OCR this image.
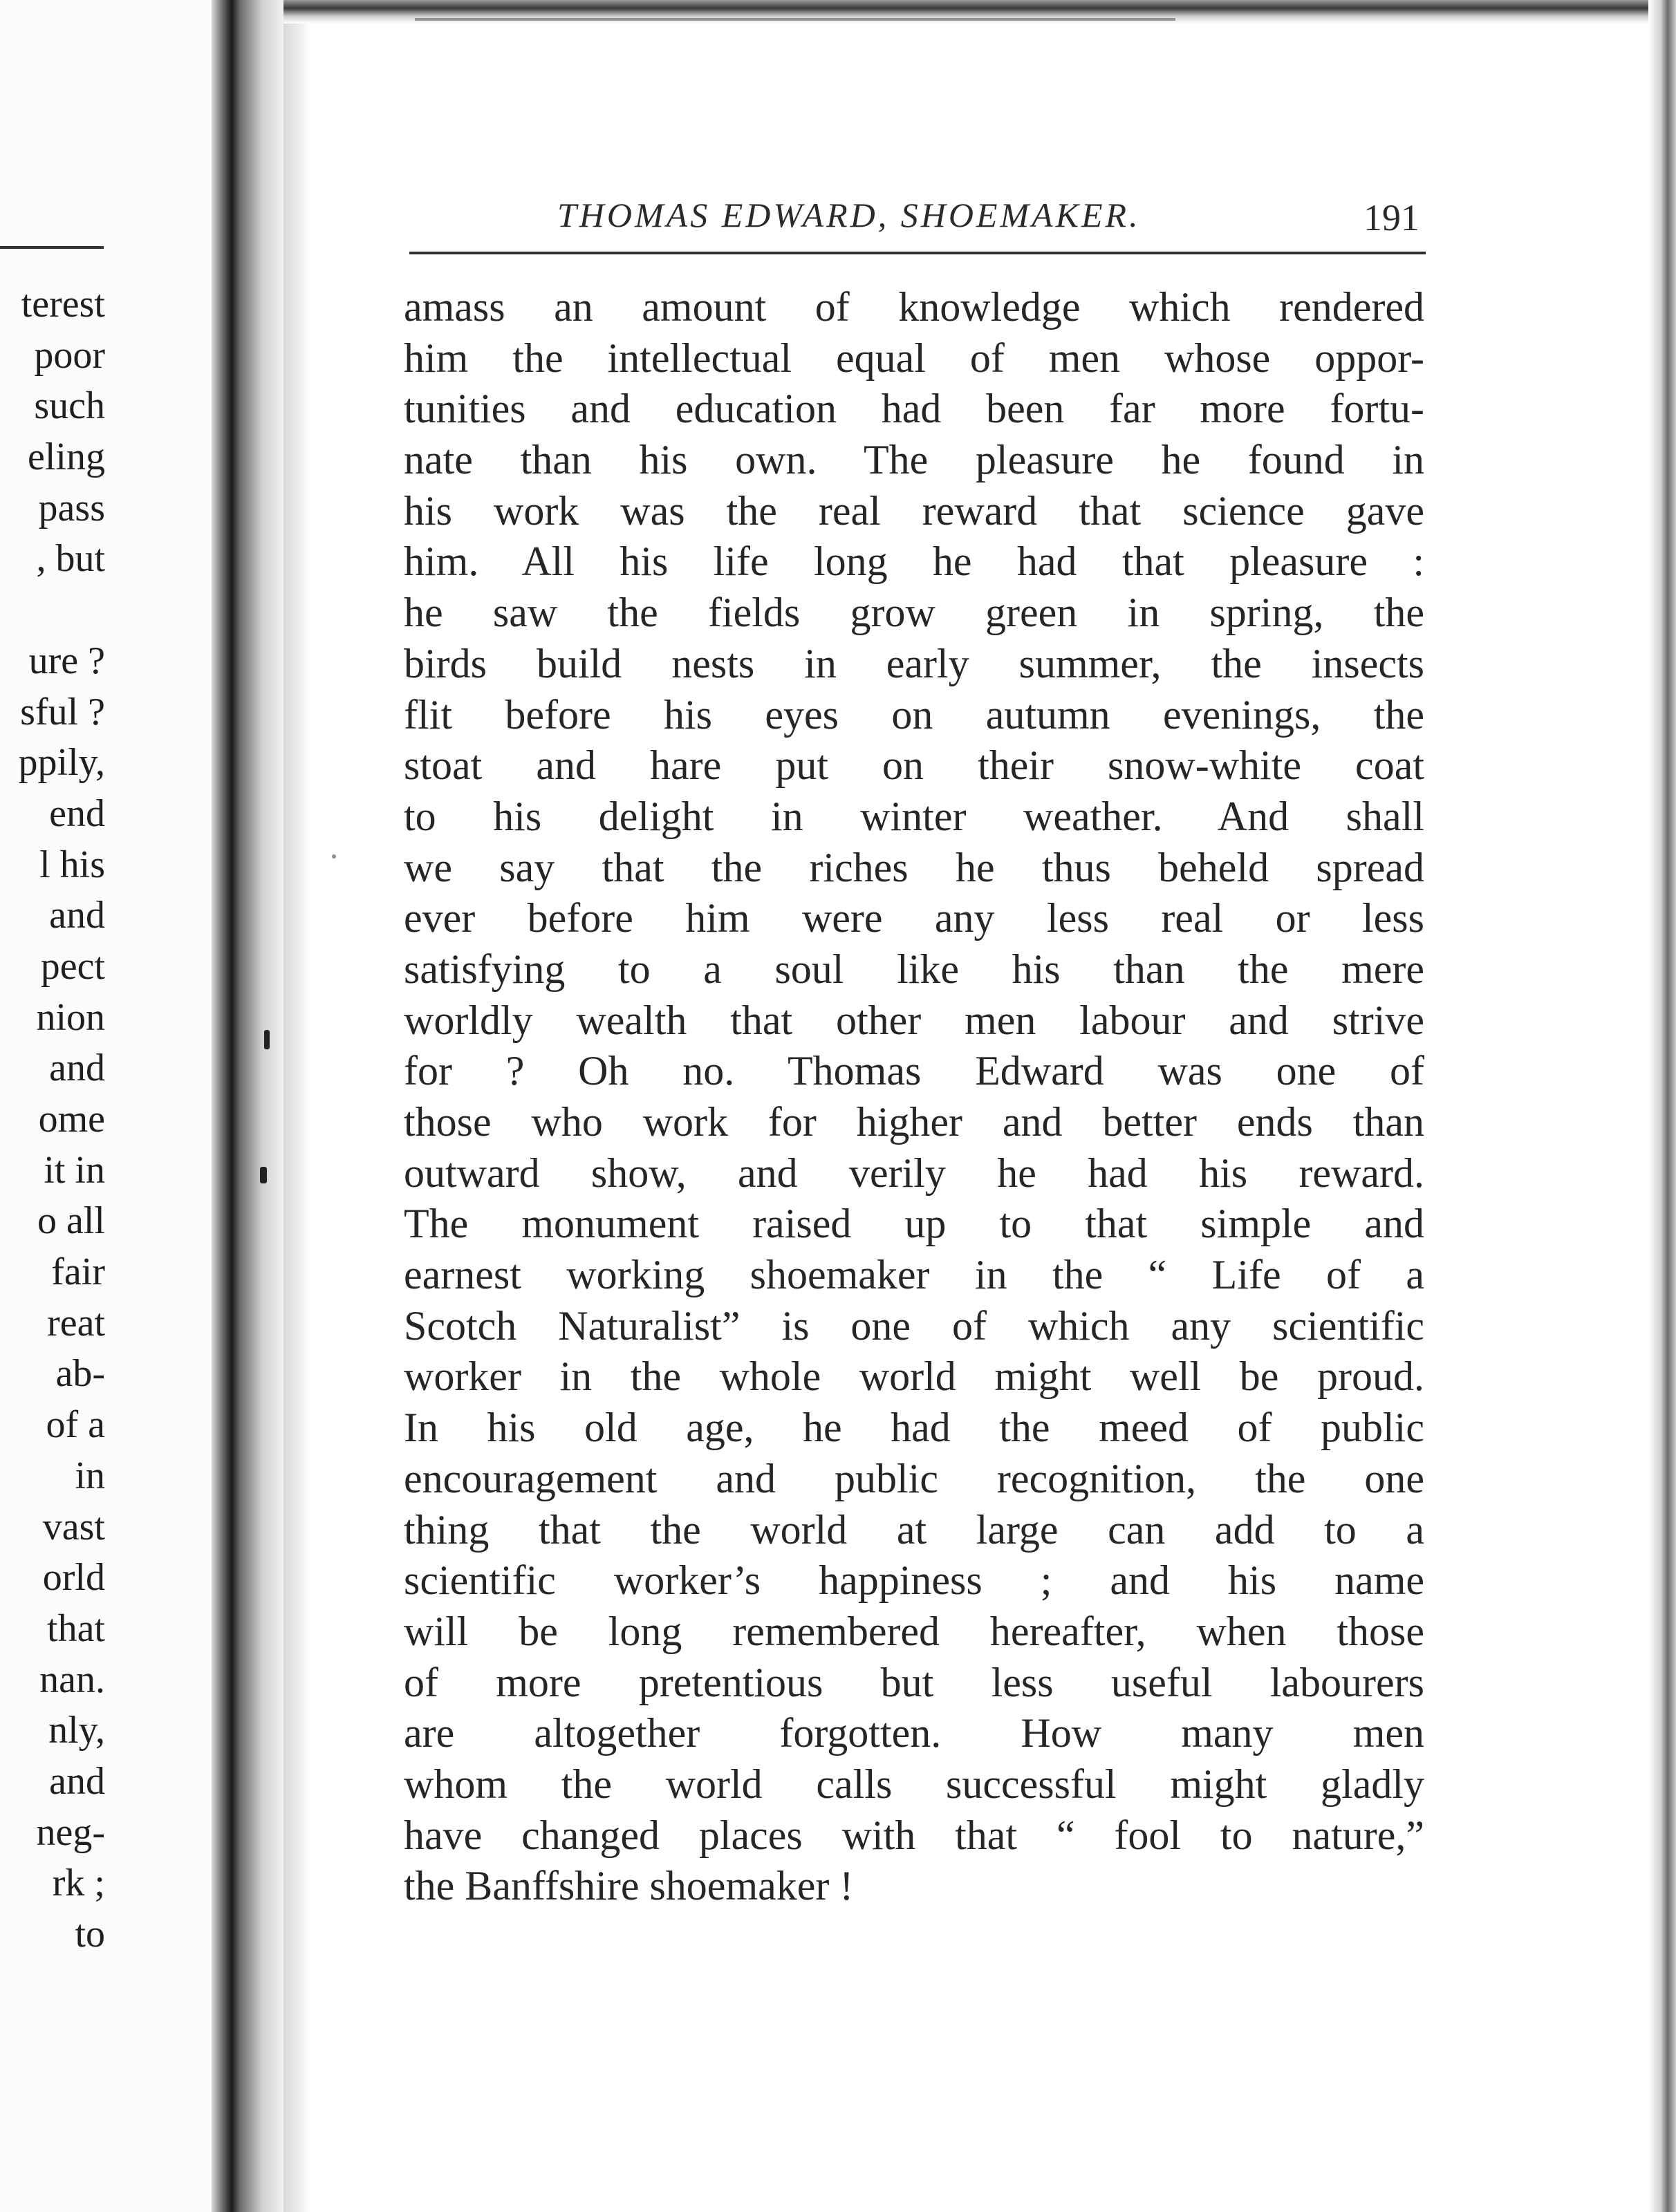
terest
poor
such
eling
pass
, but
ure ?
sful ?
ppily,
end
l his
and
pect
nion
and
ome
it in
o all
fair
reat
ab-
of a
in
vast
orld
that
nan.
nly,
and
neg-
rk ;
to
THOMAS EDWARD, SHOEMAKER.	191
amass an amount of knowledge which rendered
him the intellectual equal of men whose oppor-
tunities and education had been far more fortu-
nate than his own. The pleasure he found in
his work was the real reward that science gave
him. All his life long he had that pleasure :
he saw the fields grow green in spring, the
birds build nests in early summer, the insects
flit before his eyes on autumn evenings, the
stoat and hare put on their snow-white coat
to his delight in winter weather. And shall
we say that the riches he thus beheld spread
ever before him were any less real or less
satisfying to a soul like his than the mere
worldly wealth that other men labour and strive
for ? Oh no. Thomas Edward was one of
those who work for higher and better ends than
outward show, and verily he had his reward.
The monument raised up to that simple and
earnest working shoemaker in the “ Life of a
Scotch Naturalist” is one of which any scientific
worker in the whole world might well be proud.
In his old age, he had the meed of public
encouragement and public recognition, the one
thing that the world at large can add to a
scientific worker’s happiness ; and his name
will be long remembered hereafter, when those
of more pretentious but less useful labourers
are altogether forgotten. How many men
whom the world calls successful might gladly
have changed places with that “ fool to nature,”
the Banffshire shoemaker !
